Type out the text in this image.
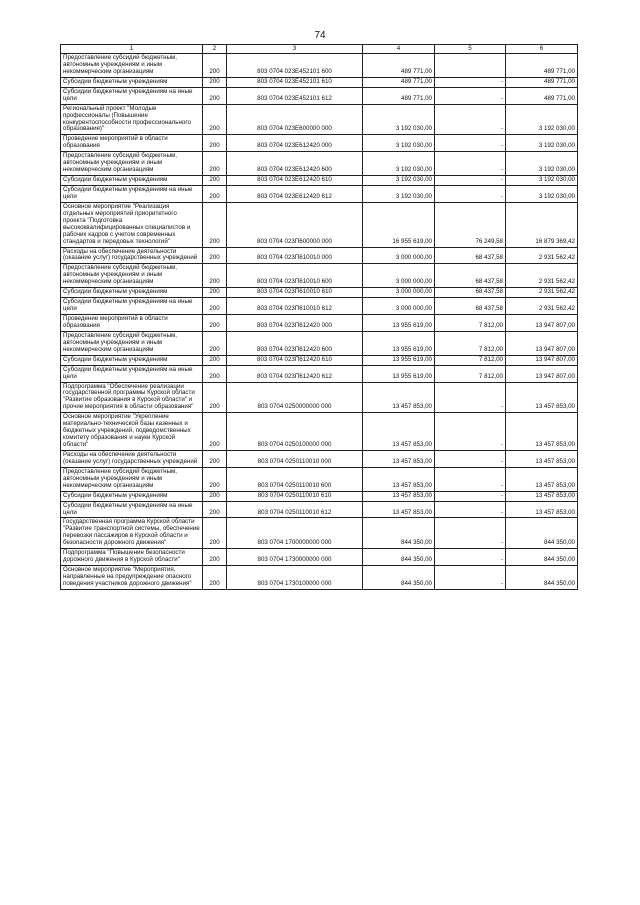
74
1	2	3	4	5	6
Предоставление субсидий бюджетным, автономным учреждениям и иным некоммерческим организациям	200	803 0704 023E452101 600	489 771,00		489 771,00
Субсидии бюджетным учреждениям	200	803 0704 023E452101 610	489 771,00	-	489 771,00
Субсидии бюджетным учреждениям на иные цели	200	803 0704 023E452101 612	489 771,00	-	489 771,00
Региональный проект "Молодые профессионалы (Повышение конкурентоспособности профессионального образования)"	200	803 0704 023E600000 000	3 192 030,00	-	3 192 030,00
Проведение мероприятий в области образования	200	803 0704 023E612420 000	3 192 030,00	-	3 192 030,00
Предоставление субсидий бюджетным, автономным учреждениям и иным некоммерческим организациям	200	803 0704 023E612420 600	3 192 030,00	-	3 192 030,00
Субсидии бюджетным учреждениям	200	803 0704 023E612420 610	3 192 030,00	-	3 192 030,00
Субсидии бюджетным учреждениям на иные цели	200	803 0704 023E612420 612	3 192 030,00	-	3 192 030,00
Основное мероприятие "Реализация отдельных мероприятий приоритетного проекта "Подготовка высококвалифицированных специалистов и рабочих кадров с учетом современных стандартов и передовых технологий"	200	803 0704 023П600000 000	16 955 619,00	76 249,58	16 879 369,42
Расходы на обеспечение деятельности (оказание услуг) государственных учреждений	200	803 0704 023П610010 000	3 000 000,00	68 437,58	2 931 562,42
Предоставление субсидий бюджетным, автономным учреждениям и иным некоммерческим организациям	200	803 0704 023П610010 600	3 000 000,00	68 437,58	2 931 562,42
Субсидии бюджетным учреждениям	200	803 0704 023П610010 610	3 000 000,00	68 437,58	2 931 562,42
Субсидии бюджетным учреждениям на иные цели	200	803 0704 023П610010 612	3 000 000,00	68 437,58	2 931 562,42
Проведение мероприятий в области образования	200	803 0704 023П612420 000	13 955 619,00	7 812,00	13 947 807,00
Предоставление субсидий бюджетным, автономным учреждениям и иным некоммерческим организациям	200	803 0704 023П612420 600	13 955 619,00	7 812,00	13 947 807,00
Субсидии бюджетным учреждениям	200	803 0704 023П612420 610	13 955 619,00	7 812,00	13 947 807,00
Субсидии бюджетным учреждениям на иные цели	200	803 0704 023П612420 612	13 955 619,00	7 812,00	13 947 807,00
Подпрограмма "Обеспечение реализации государственной программы Курской области "Развитие образования в Курской области" и прочие мероприятия в области образования"	200	803 0704 0250000000 000	13 457 853,00	-	13 457 853,00
Основное мероприятие "Укрепление материально-технической базы казенных и бюджетных учреждений, подведомственных комитету образования и науки Курской области"	200	803 0704 0250100000 000	13 457 853,00	-	13 457 853,00
Расходы на обеспечение деятельности (оказание услуг) государственных учреждений	200	803 0704 0250110010 000	13 457 853,00	-	13 457 853,00
Предоставление субсидий бюджетным, автономным учреждениям и иным некоммерческим организациям	200	803 0704 0250110010 600	13 457 853,00	-	13 457 853,00
Субсидии бюджетным учреждениям	200	803 0704 0250110010 610	13 457 853,00	-	13 457 853,00
Субсидии бюджетным учреждениям на иные цели	200	803 0704 0250110010 612	13 457 853,00	-	13 457 853,00
Государственная программа Курской области "Развитие транспортной системы, обеспечение перевозки пассажиров в Курской области и безопасности дорожного движения"	200	803 0704 1700000000 000	844 350,00	-	844 350,00
Подпрограмма "Повышение безопасности дорожного движения в Курской области"	200	803 0704 1730000000 000	844 350,00	-	844 350,00
Основное мероприятие "Мероприятия, направленные на предупреждение опасного поведения участников дорожного движения"	200	803 0704 1730100000 000	844 350,00	-	844 350,00
